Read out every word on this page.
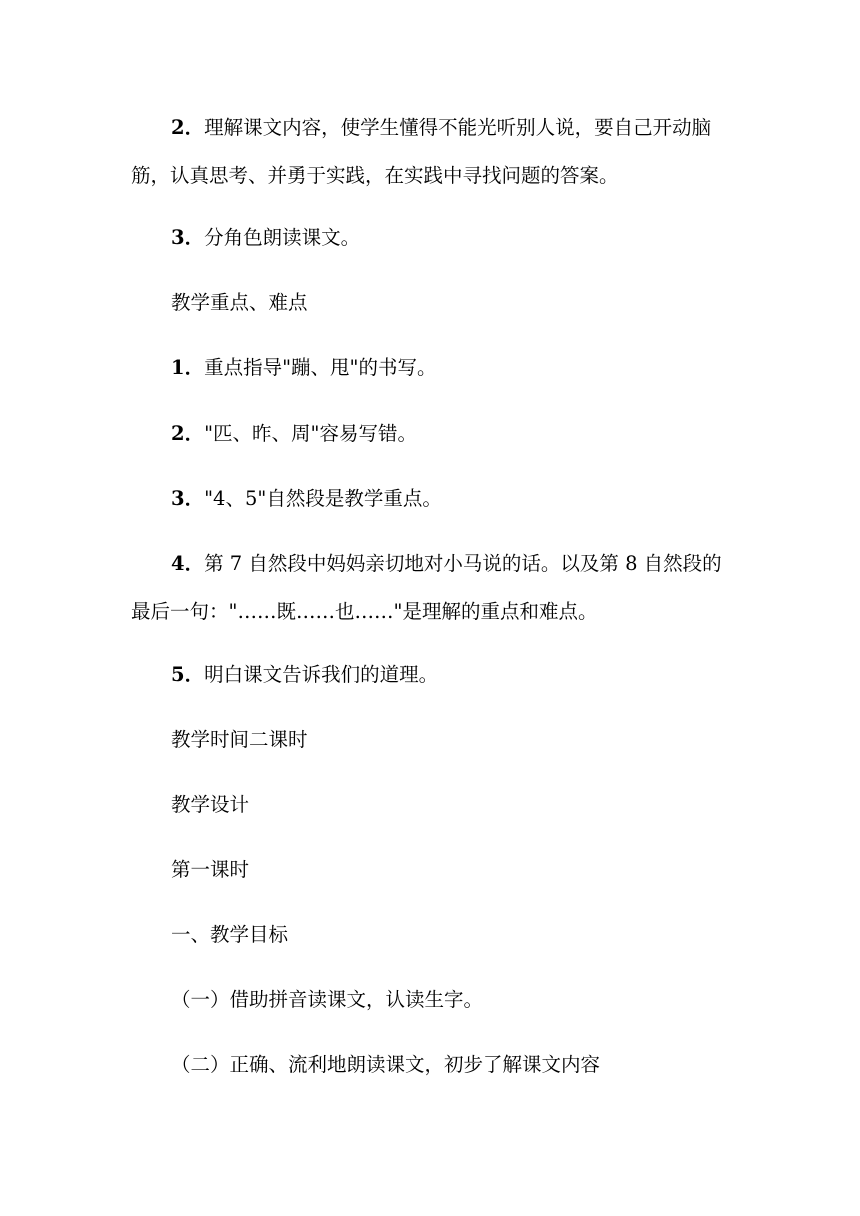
2．理解课文内容，使学生懂得不能光听别人说，要自己开动脑
筋，认真思考、并勇于实践，在实践中寻找问题的答案。

3．分角色朗读课文。

教学重点、难点

1．重点指导"蹦、甩"的书写。

2．"匹、昨、周"容易写错。

3．"4、5"自然段是教学重点。

4．第 7 自然段中妈妈亲切地对小马说的话。以及第 8 自然段的
最后一句："……既……也……"是理解的重点和难点。

5．明白课文告诉我们的道理。

教学时间二课时

教学设计

第一课时

一、教学目标

（一）借助拼音读课文，认读生字。

（二）正确、流利地朗读课文，初步了解课文内容
